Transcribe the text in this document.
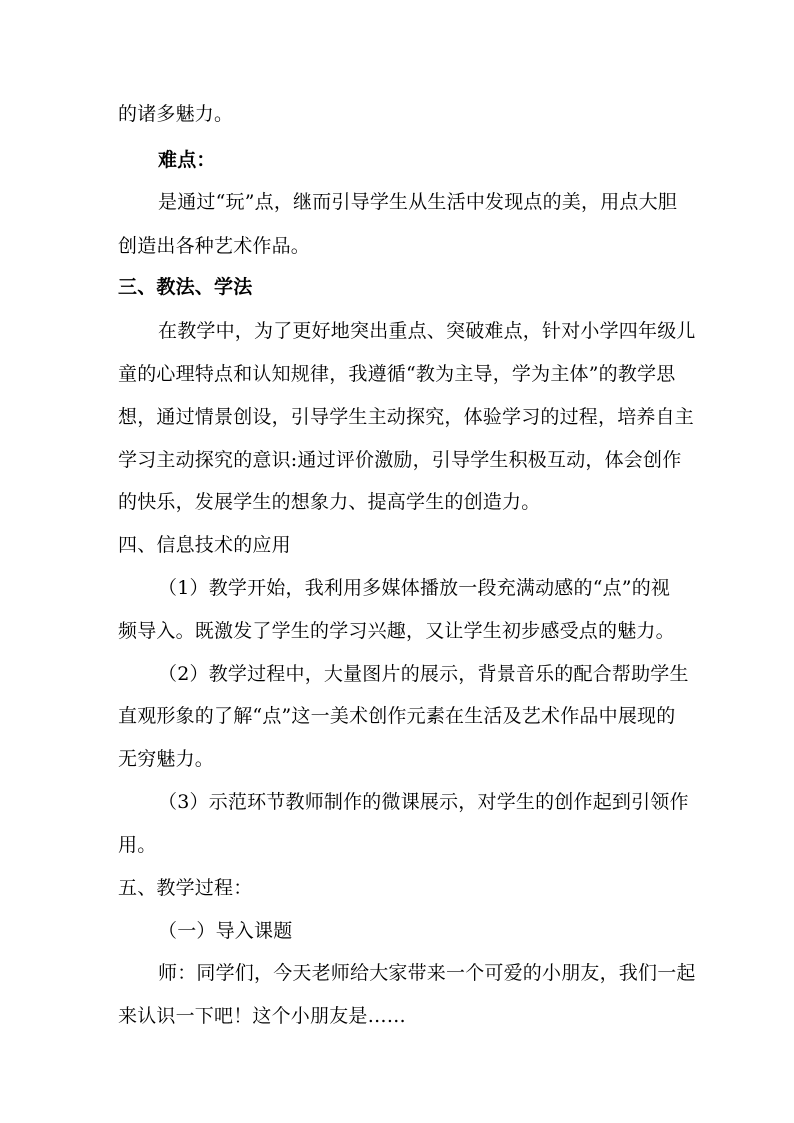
的诸多魅力。
难点：
是通过“玩”点，继而引导学生从生活中发现点的美，用点大胆
创造出各种艺术作品。
三、教法、学法
在教学中，为了更好地突出重点、突破难点，针对小学四年级儿
童的心理特点和认知规律，我遵循“教为主导，学为主体”的教学思
想，通过情景创设，引导学生主动探究，体验学习的过程，培养自主
学习主动探究的意识:通过评价激励，引导学生积极互动，体会创作
的快乐，发展学生的想象力、提高学生的创造力。
四、信息技术的应用
（1）教学开始，我利用多媒体播放一段充满动感的“点”的视
频导入。既激发了学生的学习兴趣，又让学生初步感受点的魅力。
（2）教学过程中，大量图片的展示，背景音乐的配合帮助学生
直观形象的了解“点”这一美术创作元素在生活及艺术作品中展现的
无穷魅力。
（3）示范环节教师制作的微课展示，对学生的创作起到引领作
用。
五、教学过程：
（一）导入课题
师：同学们，今天老师给大家带来一个可爱的小朋友，我们一起
来认识一下吧！这个小朋友是……
